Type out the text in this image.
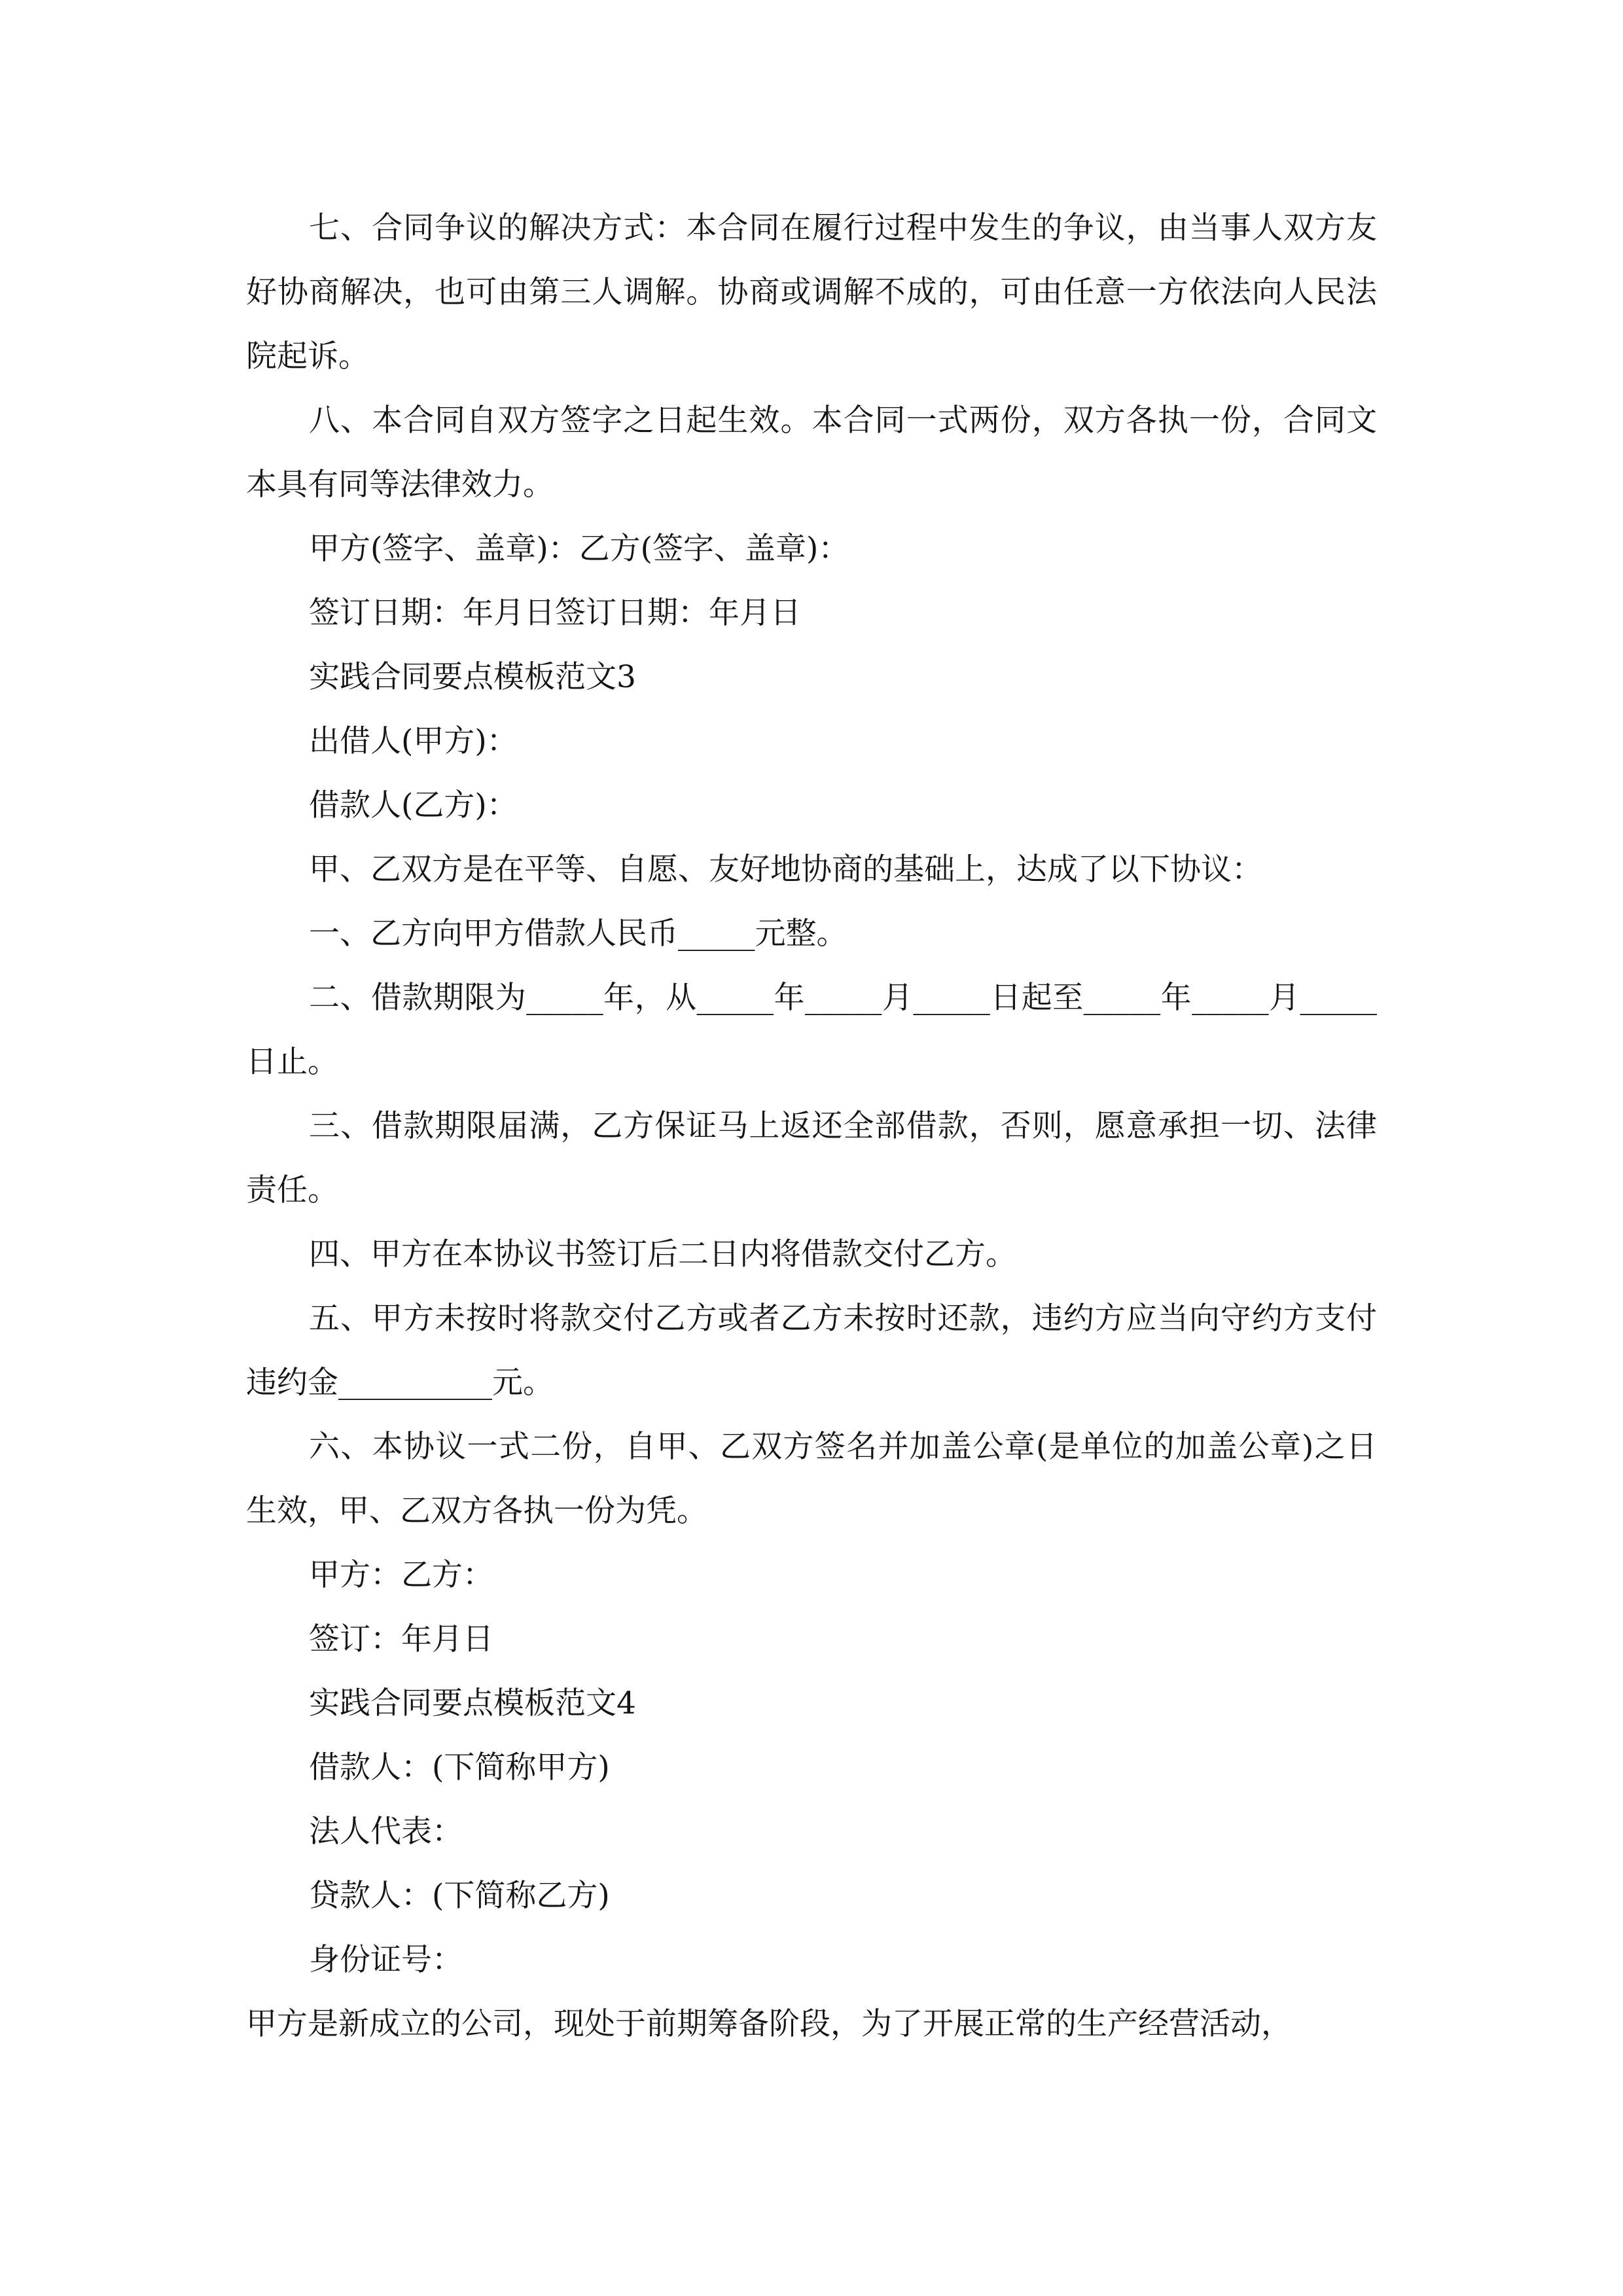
七、合同争议的解决方式：本合同在履行过程中发生的争议，由当事人双方友好协商解决，也可由第三人调解。协商或调解不成的，可由任意一方依法向人民法院起诉。

八、本合同自双方签字之日起生效。本合同一式两份，双方各执一份，合同文本具有同等法律效力。

甲方(签字、盖章)：乙方(签字、盖章)：

签订日期：年月日签订日期：年月日

实践合同要点模板范文3

出借人(甲方)：

借款人(乙方)：

甲、乙双方是在平等、自愿、友好地协商的基础上，达成了以下协议：

一、乙方向甲方借款人民币_____元整。

二、借款期限为_____年，从_____年_____月_____日起至_____年_____月_____日止。

三、借款期限届满，乙方保证马上返还全部借款，否则，愿意承担一切、法律责任。

四、甲方在本协议书签订后二日内将借款交付乙方。

五、甲方未按时将款交付乙方或者乙方未按时还款，违约方应当向守约方支付违约金__________元。

六、本协议一式二份，自甲、乙双方签名并加盖公章(是单位的加盖公章)之日生效，甲、乙双方各执一份为凭。

甲方：乙方：

签订：年月日

实践合同要点模板范文4

借款人：(下简称甲方)

法人代表：

贷款人：(下简称乙方)

身份证号：

甲方是新成立的公司，现处于前期筹备阶段，为了开展正常的生产经营活动，
